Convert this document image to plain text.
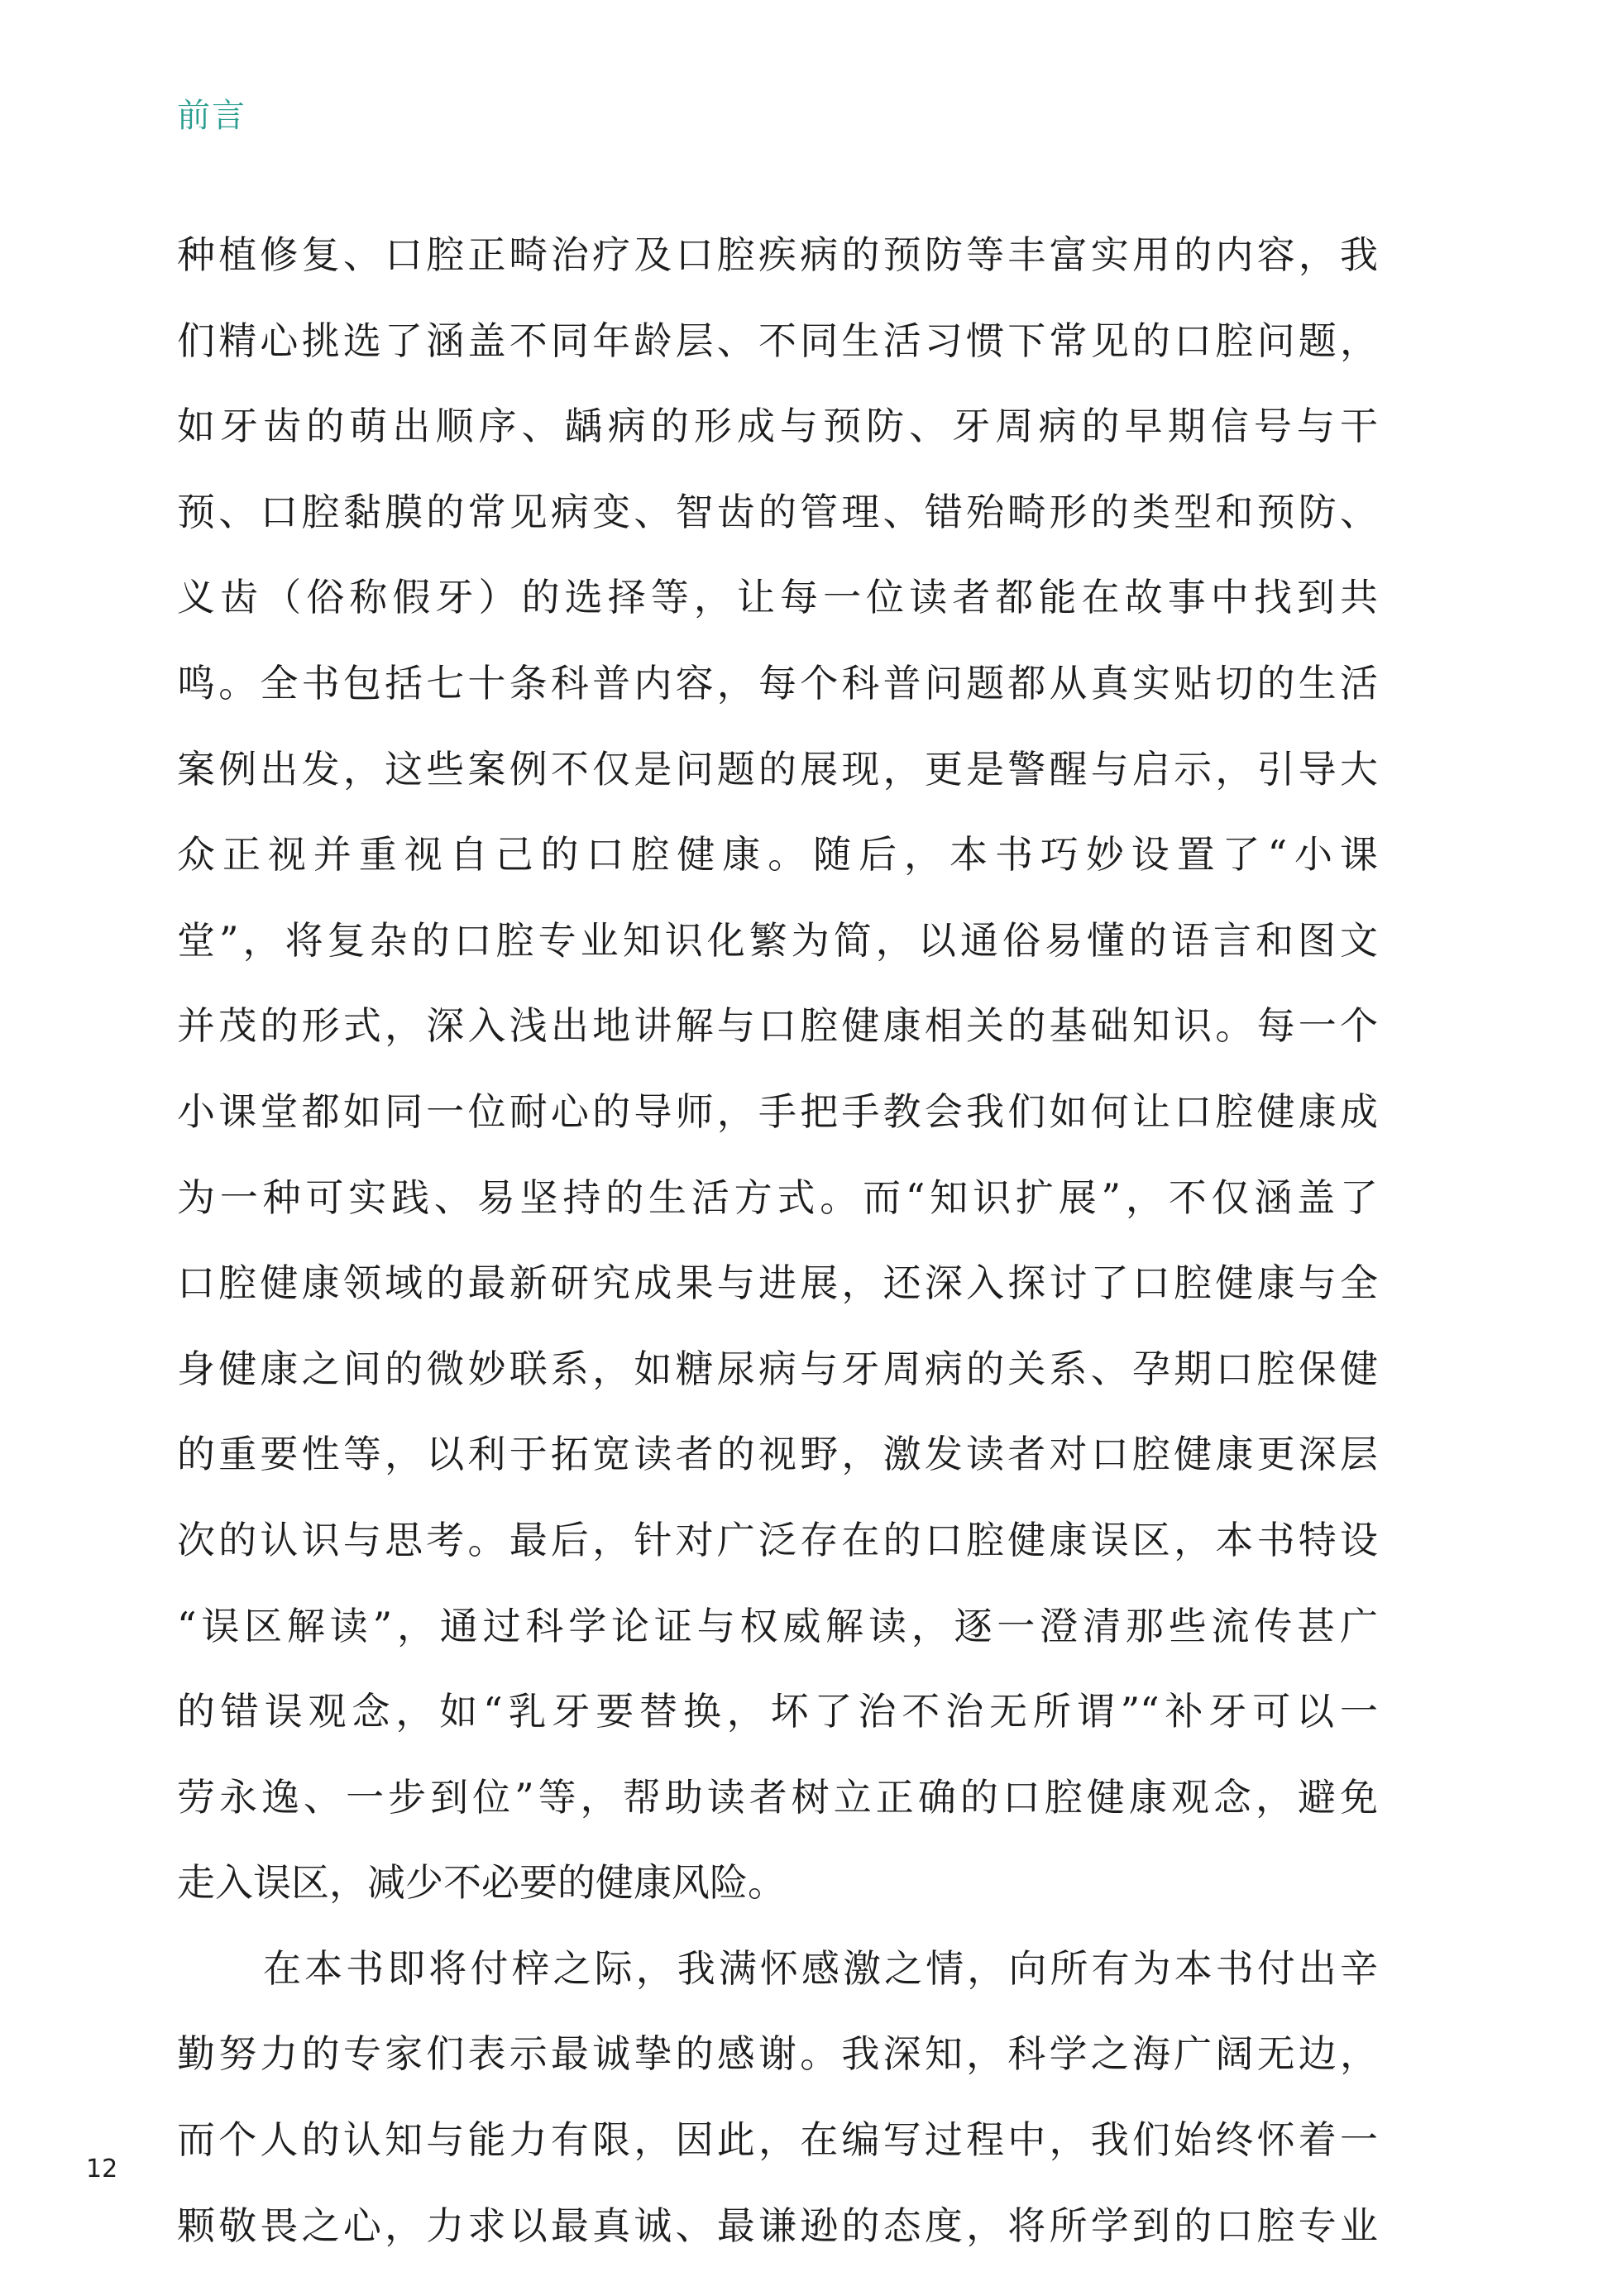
前言
种植修复、口腔正畸治疗及口腔疾病的预防等丰富实用的内容，我
们精心挑选了涵盖不同年龄层、不同生活习惯下常见的口腔问题，
如牙齿的萌出顺序、龋病的形成与预防、牙周病的早期信号与干
预、口腔黏膜的常见病变、智齿的管理、错殆畸形的类型和预防、
义齿（俗称假牙）的选择等，让每一位读者都能在故事中找到共
鸣。全书包括七十条科普内容，每个科普问题都从真实贴切的生活
案例出发，这些案例不仅是问题的展现，更是警醒与启示，引导大
众正视并重视自己的口腔健康。随后，本书巧妙设置了“小课
堂”，将复杂的口腔专业知识化繁为简，以通俗易懂的语言和图文
并茂的形式，深入浅出地讲解与口腔健康相关的基础知识。每一个
小课堂都如同一位耐心的导师，手把手教会我们如何让口腔健康成
为一种可实践、易坚持的生活方式。而“知识扩展”，不仅涵盖了
口腔健康领域的最新研究成果与进展，还深入探讨了口腔健康与全
身健康之间的微妙联系，如糖尿病与牙周病的关系、孕期口腔保健
的重要性等，以利于拓宽读者的视野，激发读者对口腔健康更深层
次的认识与思考。最后，针对广泛存在的口腔健康误区，本书特设
“误区解读”，通过科学论证与权威解读，逐一澄清那些流传甚广
的错误观念，如“乳牙要替换，坏了治不治无所谓”“补牙可以一
劳永逸、一步到位”等，帮助读者树立正确的口腔健康观念，避免
走入误区，减少不必要的健康风险。
在本书即将付梓之际，我满怀感激之情，向所有为本书付出辛
勤努力的专家们表示最诚挚的感谢。我深知，科学之海广阔无边，
而个人的认知与能力有限，因此，在编写过程中，我们始终怀着一
颗敬畏之心，力求以最真诚、最谦逊的态度，将所学到的口腔专业
12
